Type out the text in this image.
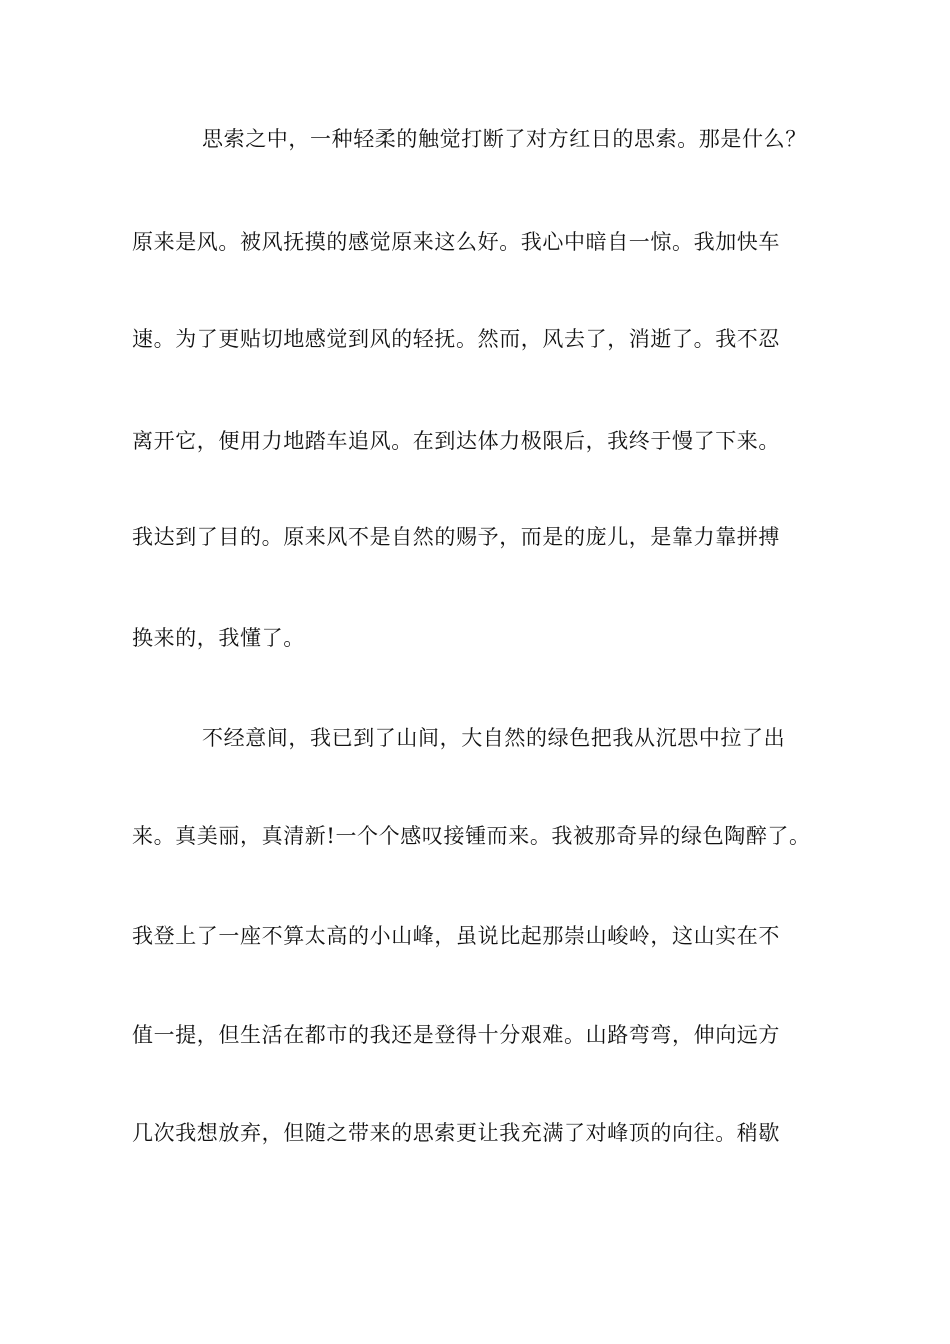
思索之中，一种轻柔的触觉打断了对方红日的思索。那是什么？
原来是风。被风抚摸的感觉原来这么好。我心中暗自一惊。我加快车
速。为了更贴切地感觉到风的轻抚。然而，风去了，消逝了。我不忍
离开它，便用力地踏车追风。在到达体力极限后，我终于慢了下来。
我达到了目的。原来风不是自然的赐予，而是的庞儿，是靠力靠拼搏
换来的，我懂了。
不经意间，我已到了山间，大自然的绿色把我从沉思中拉了出
来。真美丽，真清新!一个个感叹接锺而来。我被那奇异的绿色陶醉了。
我登上了一座不算太高的小山峰，虽说比起那崇山峻岭，这山实在不
值一提，但生活在都市的我还是登得十分艰难。山路弯弯，伸向远方
几次我想放弃，但随之带来的思索更让我充满了对峰顶的向往。稍歇
